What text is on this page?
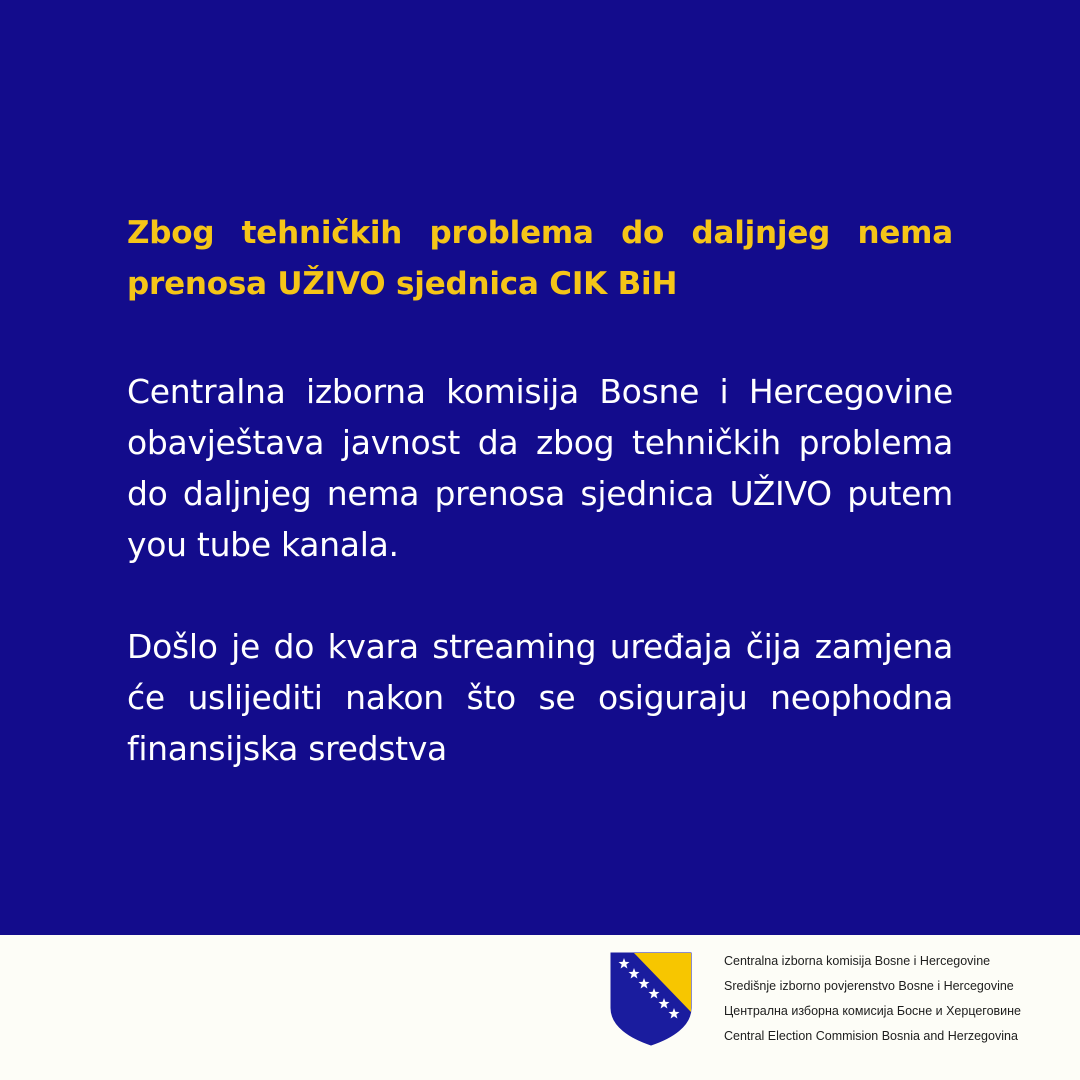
Zbog tehničkih problema do daljnjeg nema prenosa UŽIVO sjednica CIK BiH

Centralna izborna komisija Bosne i Hercegovine obavještava javnost da zbog tehničkih problema do daljnjeg nema prenosa sjednica UŽIVO putem you tube kanala.

Došlo je do kvara streaming uređaja čija zamjena će uslijediti nakon što se osiguraju neophodna finansijska sredstva

Centralna izborna komisija Bosne i Hercegovine
Središnje izborno povjerenstvo Bosne i Hercegovine
Централна изборна комисија Босне и Херцеговине
Central Election Commision Bosnia and Herzegovina
